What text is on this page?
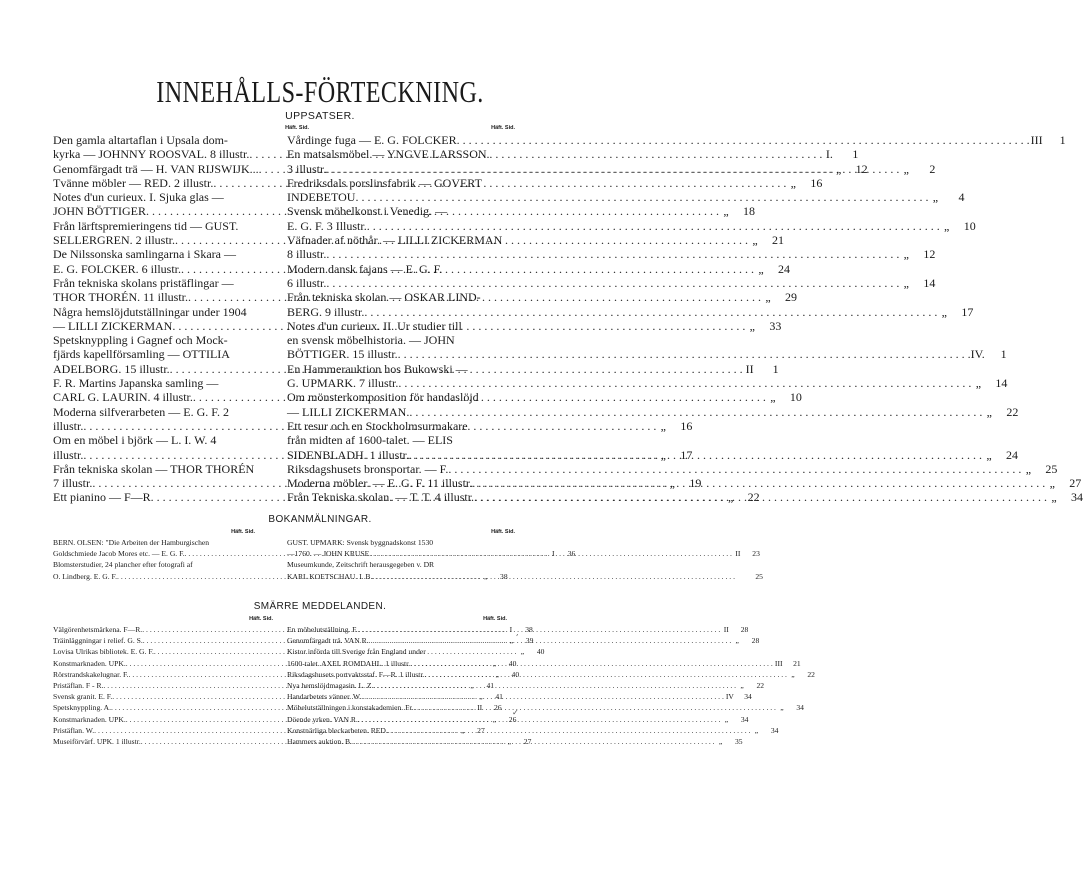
INNEHÅLLS-FÖRTECKNING.
UPPSATSER.
Häft. Sid.
Den gamla altartaflan i Upsala dom-
kyrka — JOHNNY ROOSVAL. 8 illustr. . . .	I.	1
Genomfärgadt trä — H. VAN RIJSWIJK... . . .	„	12
Tvänne möbler — RED. 2 illustr. . . .	„	16
Notes d'un curieux. I. Sjuka glas —
JOHN BÖTTIGER . . .	„	18
Från lärftspremieringens tid — GUST.
SELLERGREN. 2 illustr. . . .	„	21
De Nilssonska samlingarna i Skara —
E. G. FOLCKER. 6 illustr. . . .	„	24
Från tekniska skolans pristäflingar —
THOR THORÉN. 11 illustr. . . .	„	29
Några hemslöjdutställningar under 1904
— LILLI ZICKERMAN . . .	„	33
Spetsknyppling i Gagnef och Mock-
fjärds kapellförsamling — OTTILIA
ADELBORG. 15 illustr. . . .	II	1
F. R. Martins Japanska samling —
CARL G. LAURIN. 4 illustr. . . .	„	10
Moderna silfverarbeten — E. G. F. 2
illustr. . . .	„	16
Om en möbel i björk — L. I. W. 4
illustr. . . .	„	17
Från tekniska skolan — THOR THORÉN
7 illustr. . . .	„	19
Ett pianino — F—R . . .	„	22
Häft. Sid.
Vårdinge fuga — E. G. FOLCKER . . .	III	1
En matsalsmöbel — YNGVE LARSSON.
3 illustr. . . .	„	2
Fredriksdals porslinsfabrik — GOVERT
INDEBETOU . . .	„	4
Svensk möbelkonst i Venedig. —
E. G. F. 3 Illustr. . . .	„	10
Väfnader af nöthår. — LILLI ZICKERMAN
8 illustr. . . .	„	12
Modern dansk fajans — E. G. F.
6 illustr. . . .	„	14
Från tekniska skolan — OSKAR LIND-
BERG. 9 illustr. . . .	„	17
Notes d'un curieux. II. Ur studier till
en svensk möbelhistoria. — JOHN
BÖTTIGER. 15 illustr. . . .	IV.	1
En Hammerauktion hos Bukowski —
G. UPMARK. 7 illustr. . . .	„	14
Om mönsterkomposition för handaslöjd
— LILLI ZICKERMAN. . . .	„	22
Ett resur och en Stockholmsurmakare
från midten af 1600-talet. — ELIS
SIDENBLADH. 1 illustr. . . .	„	24
Riksdagshusets bronsportar. — F. . . .	„	25
Moderna möbler. — E. G. F. 11 illustr. . . .	„	27
Från Tekniska skolan. — T. T. 4 illustr. . . .	„	34
BOKANMÄLNINGAR.
Häft. Sid.
BERN. OLSEN: "Die Arbeiten der Hamburgischen
Goldschmiede Jacob Mores etc. — E. G. F. . . .	I	36
Blomsterstudier, 24 plancher efter fotografi af
O. Lindberg. E. G. F. . . .	„	38
Häft. Sid.
GUST. UPMARK: Svensk byggnadskonst 1530
—1760. — JOHN KRUSE . . .	II	23
Museumkunde, Zeitschrift herausgegeben v. DR
KARL KOETSCHAU. I. B. . . .	25
SMÄRRE MEDDELANDEN.
Häft. Sid.
Välgörenhetsmärkena. F—R. . . .	I	38
Träinläggningar i relief. G. S. . . .	„	39
Lovisa Ulrikas bibliotek. E. G. F. . . .	„	40
Konstmarknaden. UPK. . . .	„	40
Rörstrandskakelugnar. F. . . .	„	40
Pristäflan. F - R. . . .	„	41
Svensk granit. E. F. . . .	„	41
Spetsknyppling. A. . . .	II	26
Konstmarknaden. UPK. . . .	„	26
Pristäflan. W. . . .	„	27
Museiförvärf. UPK. 1 illustr. . . .	„	27
Häft. Sid.
En möbelutställning. F. . . .	II	28
Genomfärgadt trä. VAN R. . . .	„	28
Kistor införda till Sverige från England under
1600-talet. AXEL ROMDAHL. 1 illustr. . . .	III	21
Riksdagshusets portvaktsstaf. F—R. 1 illustr. . . .	„	22
Nya hemslöjdmagasin. L. Z. . . .	„	22
Handarbetets vänner. W. . . .	IV	34
Möbelutställningen i konstakademien. Fr. . . .	„	34
Döende yrken. VAN R. . . .	„	34
Konstnärliga bleckarbeten. RED. . . .	„	34
Hammers auktion. B. . . .	„	35
,
✓
